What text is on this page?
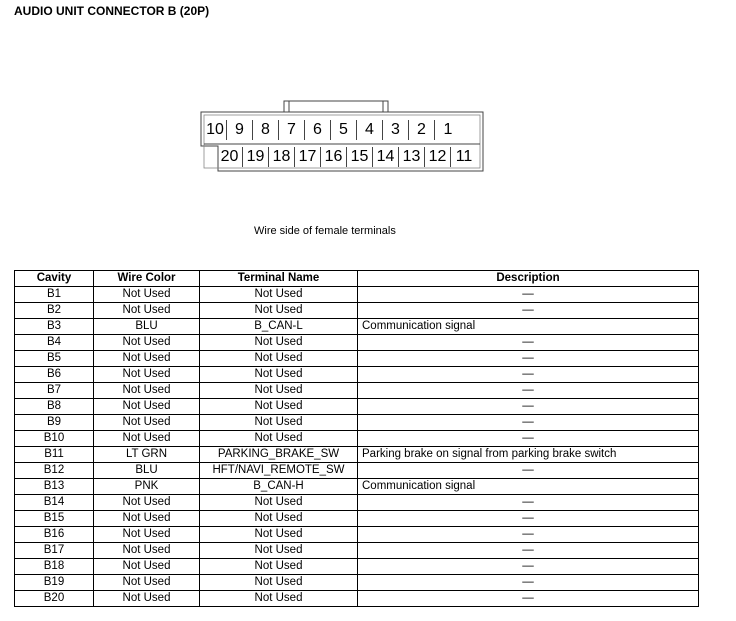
AUDIO UNIT CONNECTOR B (20P)
10 9	8	7	6	5	4	3	2	1
20 19 18 17 16 15 14 13 12 11
Wire side of female terminals
Cavity	Wire Color	Terminal Name	Description
B1	Not Used	Not Used	—
B2	Not Used	Not Used	—
B3	BLU	B_CAN-L	Communication signal
B4	Not Used	Not Used	—
B5	Not Used	Not Used	—
B6	Not Used	Not Used	—
B7	Not Used	Not Used	—
B8	Not Used	Not Used	—
B9	Not Used	Not Used	—
B10	Not Used	Not Used	—
B11	LT GRN	PARKING_BRAKE_SW	Parking brake on signal from parking brake switch
B12	BLU	HFT/NAVI_REMOTE_SW	—
B13	PNK	B_CAN-H	Communication signal
B14	Not Used	Not Used	—
B15	Not Used	Not Used	—
B16	Not Used	Not Used	—
B17	Not Used	Not Used	—
B18	Not Used	Not Used	—
B19	Not Used	Not Used	—
B20	Not Used	Not Used	—
